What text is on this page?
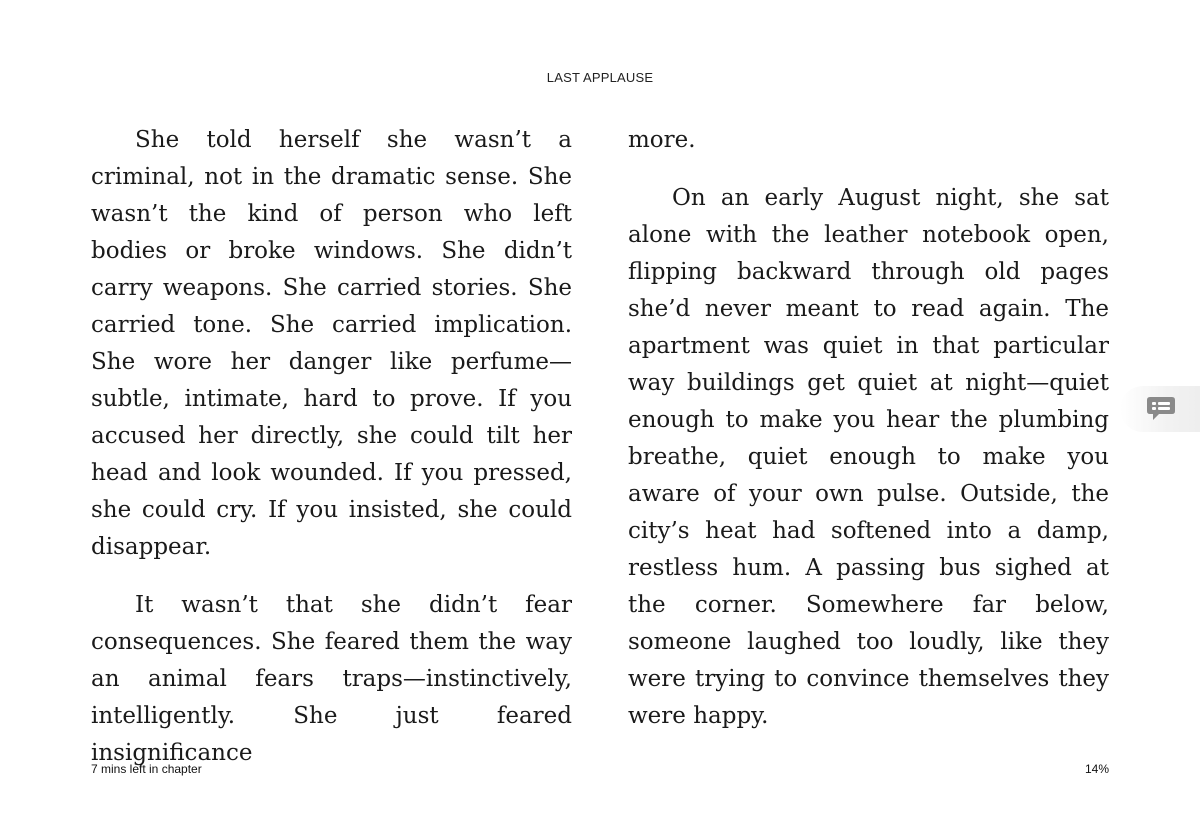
LAST APPLAUSE

She told herself she wasn’t a criminal, not in the dramatic sense. She wasn’t the kind of person who left bodies or broke windows. She didn’t carry weapons. She carried stories. She carried tone. She carried implication. She wore her danger like perfume—subtle, intimate, hard to prove. If you accused her directly, she could tilt her head and look wounded. If you pressed, she could cry. If you insisted, she could disappear.

It wasn’t that she didn’t fear consequences. She feared them the way an animal fears traps—instinctively, intelligently. She just feared insignificance

more.

On an early August night, she sat alone with the leather notebook open, flipping backward through old pages she’d never meant to read again. The apartment was quiet in that particular way buildings get quiet at night—quiet enough to make you hear the plumbing breathe, quiet enough to make you aware of your own pulse. Outside, the city’s heat had softened into a damp, restless hum. A passing bus sighed at the corner. Somewhere far below, someone laughed too loudly, like they were trying to convince themselves they were happy.

7 mins left in chapter	14%
